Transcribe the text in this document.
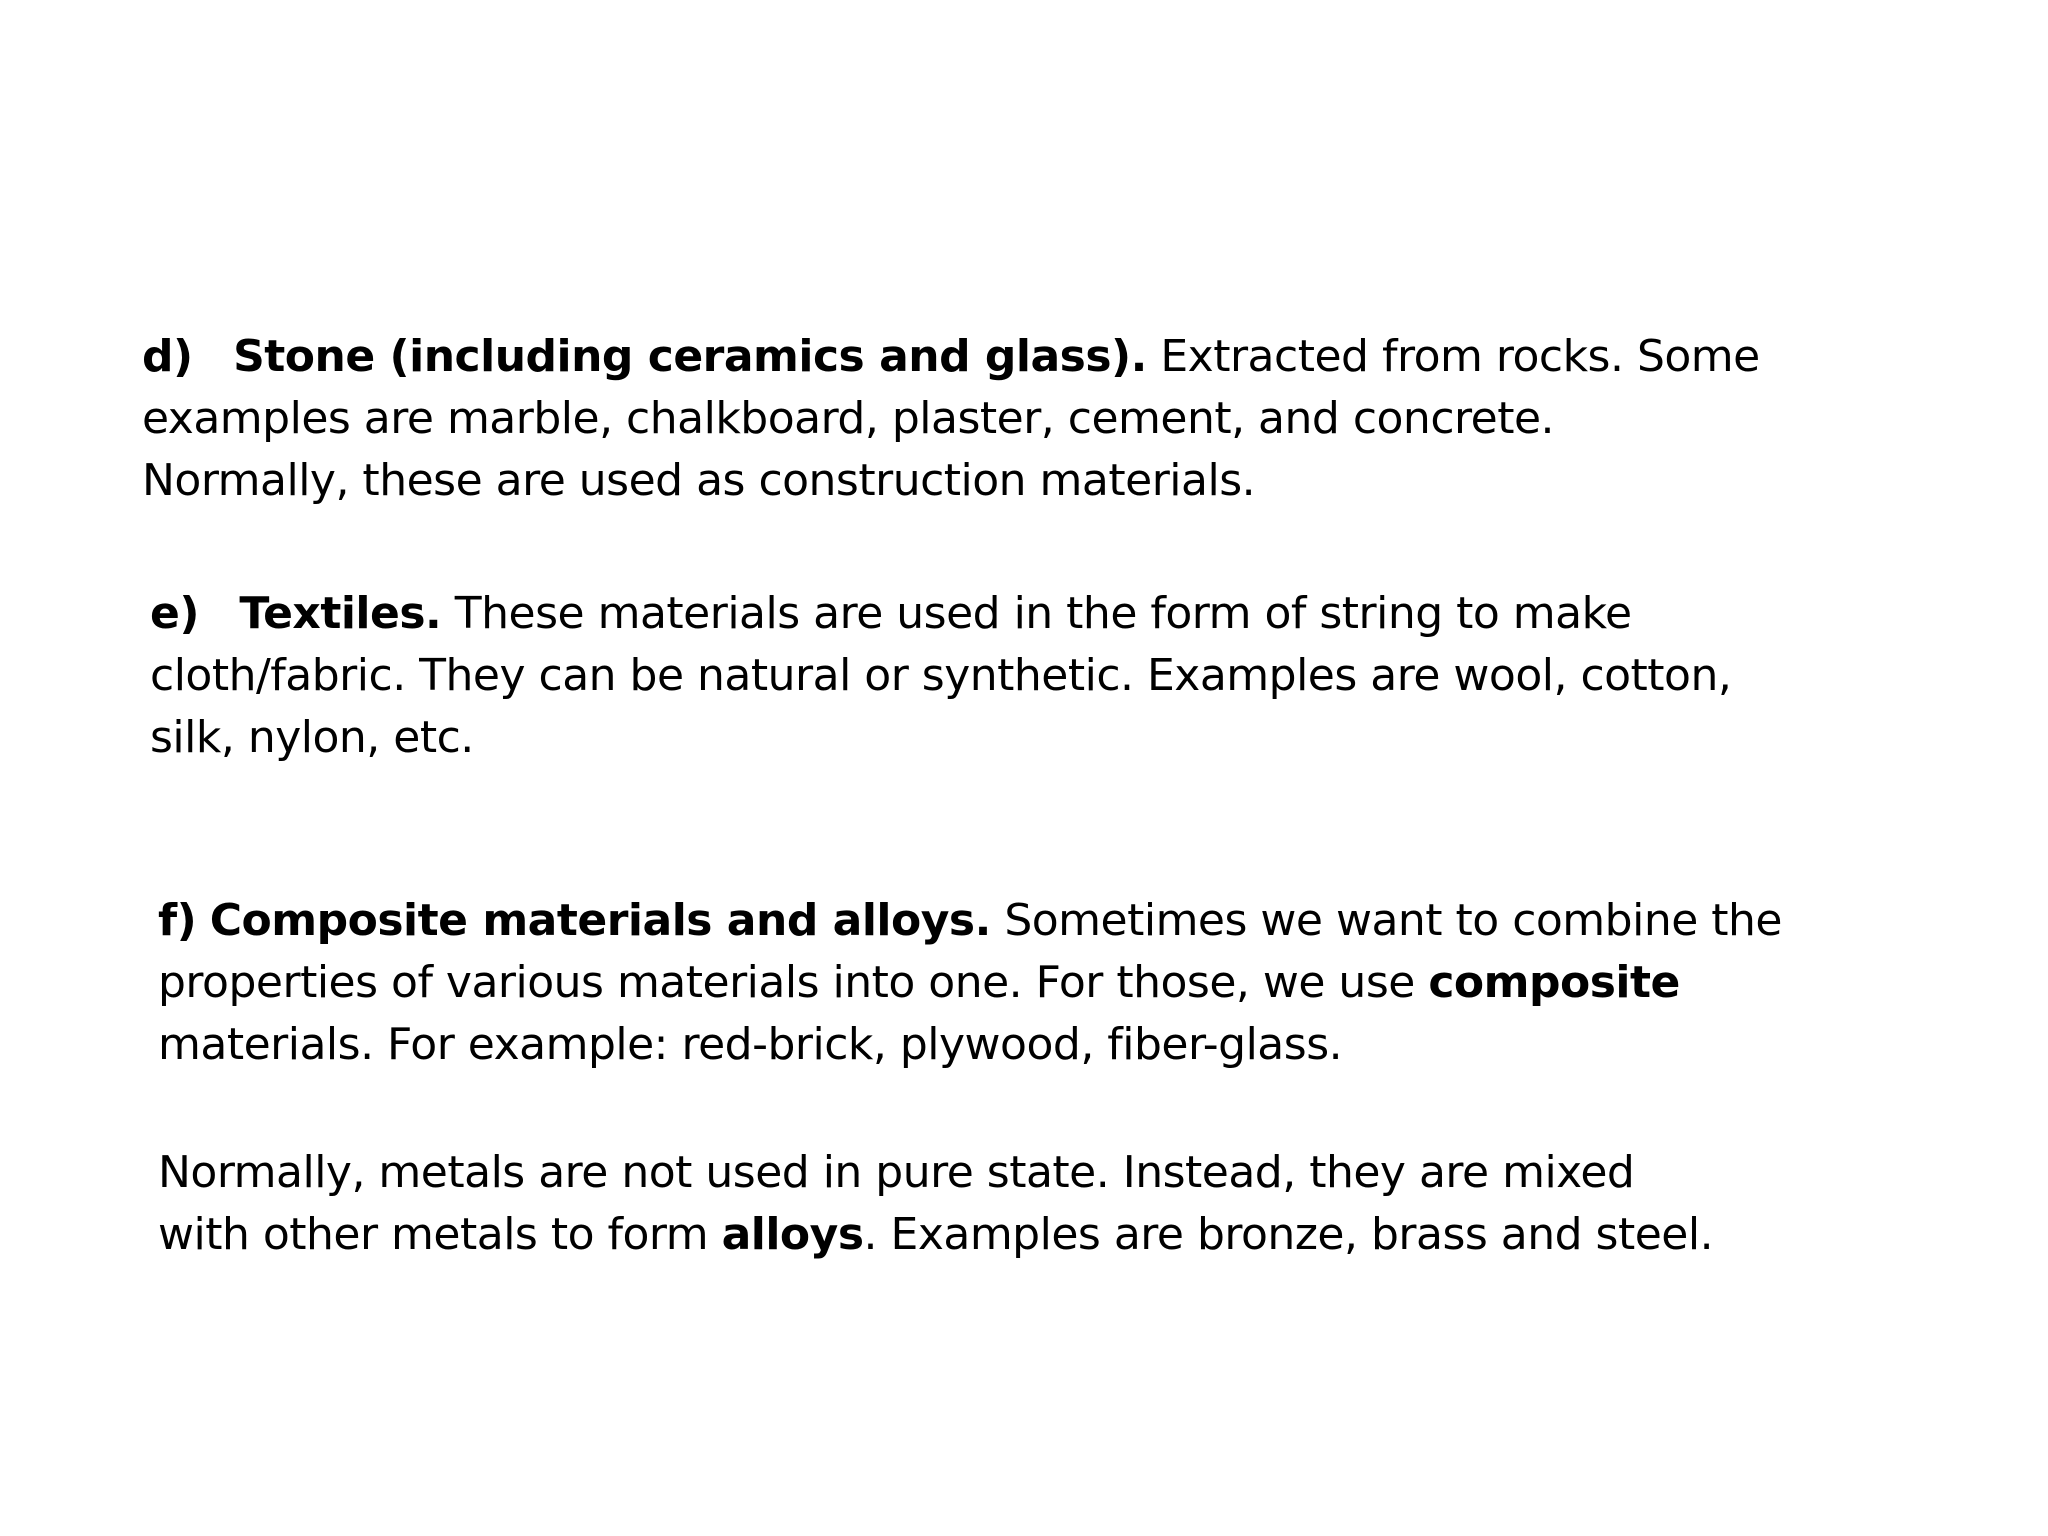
d) Stone (including ceramics and glass). Extracted from rocks. Some
examples are marble, chalkboard, plaster, cement, and concrete.
Normally, these are used as construction materials.
e) Textiles. These materials are used in the form of string to make
cloth/fabric. They can be natural or synthetic. Examples are wool, cotton,
silk, nylon, etc.
f) Composite materials and alloys. Sometimes we want to combine the
properties of various materials into one. For those, we use composite
materials. For example: red-brick, plywood, fiber-glass.
Normally, metals are not used in pure state. Instead, they are mixed
with other metals to form alloys. Examples are bronze, brass and steel.
